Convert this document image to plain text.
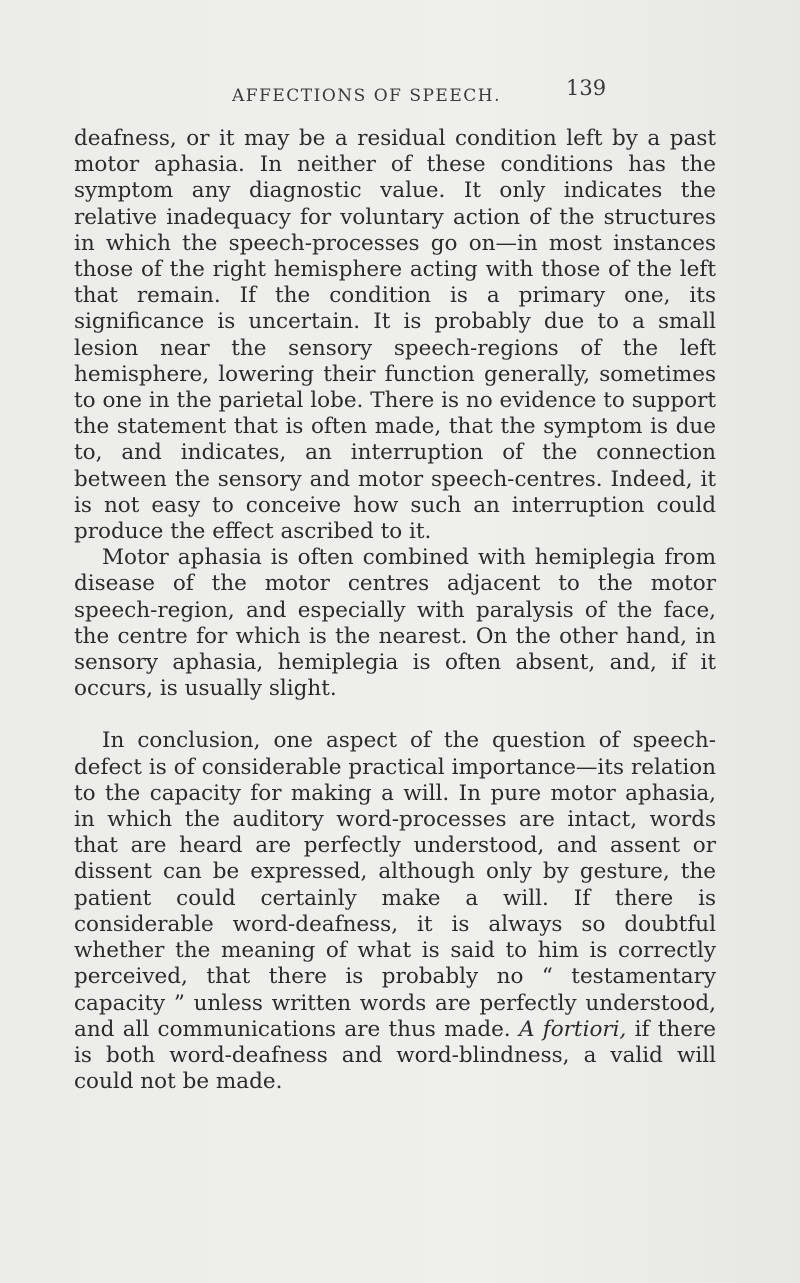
AFFECTIONS OF SPEECH.	139

deafness, or it may be a residual condition left by a past motor aphasia. In neither of these conditions has the symptom any diagnostic value. It only indicates the relative inadequacy for voluntary action of the structures in which the speech-processes go on—in most instances those of the right hemisphere acting with those of the left that remain. If the condition is a primary one, its significance is uncertain. It is probably due to a small lesion near the sensory speech-regions of the left hemisphere, lowering their function generally, sometimes to one in the parietal lobe. There is no evidence to support the statement that is often made, that the symptom is due to, and indicates, an interruption of the connection between the sensory and motor speech-centres. Indeed, it is not easy to conceive how such an interruption could produce the effect ascribed to it.

Motor aphasia is often combined with hemiplegia from disease of the motor centres adjacent to the motor speech-region, and especially with paralysis of the face, the centre for which is the nearest. On the other hand, in sensory aphasia, hemiplegia is often absent, and, if it occurs, is usually slight.

In conclusion, one aspect of the question of speech-defect is of considerable practical importance—its relation to the capacity for making a will. In pure motor aphasia, in which the auditory word-processes are intact, words that are heard are perfectly understood, and assent or dissent can be expressed, although only by gesture, the patient could certainly make a will. If there is considerable word-deafness, it is always so doubtful whether the meaning of what is said to him is correctly perceived, that there is probably no “ testamentary capacity ” unless written words are perfectly understood, and all communications are thus made. A fortiori, if there is both word-deafness and word-blindness, a valid will could not be made.
